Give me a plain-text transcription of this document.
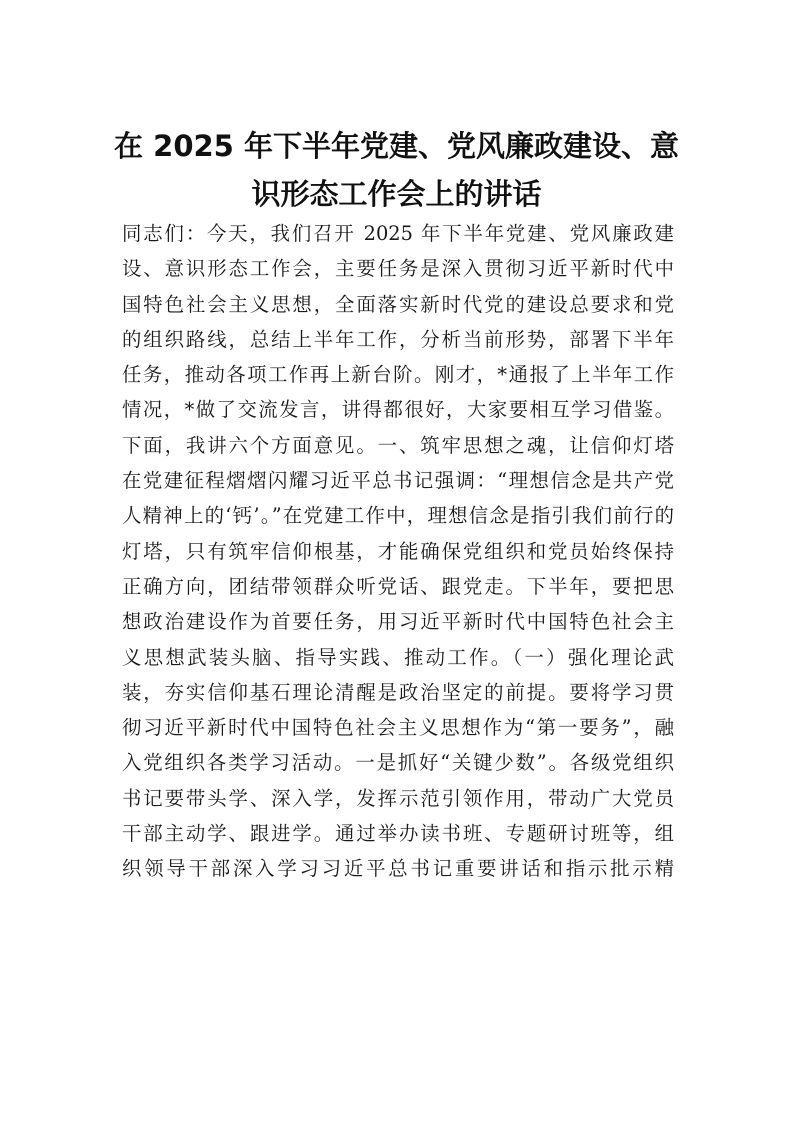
在 2025 年下半年党建、党风廉政建设、意
识形态工作会上的讲话
同志们：今天，我们召开 2025 年下半年党建、党风廉政建
设、意识形态工作会，主要任务是深入贯彻习近平新时代中
国特色社会主义思想，全面落实新时代党的建设总要求和党
的组织路线，总结上半年工作，分析当前形势，部署下半年
任务，推动各项工作再上新台阶。刚才，*通报了上半年工作
情况，*做了交流发言，讲得都很好，大家要相互学习借鉴。
下面，我讲六个方面意见。一、筑牢思想之魂，让信仰灯塔
在党建征程熠熠闪耀习近平总书记强调：“理想信念是共产党
人精神上的‘钙’。”在党建工作中，理想信念是指引我们前行的
灯塔，只有筑牢信仰根基，才能确保党组织和党员始终保持
正确方向，团结带领群众听党话、跟党走。下半年，要把思
想政治建设作为首要任务，用习近平新时代中国特色社会主
义思想武装头脑、指导实践、推动工作。（一）强化理论武
装，夯实信仰基石理论清醒是政治坚定的前提。要将学习贯
彻习近平新时代中国特色社会主义思想作为“第一要务”，融
入党组织各类学习活动。一是抓好“关键少数”。各级党组织
书记要带头学、深入学，发挥示范引领作用，带动广大党员
干部主动学、跟进学。通过举办读书班、专题研讨班等，组
织领导干部深入学习习近平总书记重要讲话和指示批示精
